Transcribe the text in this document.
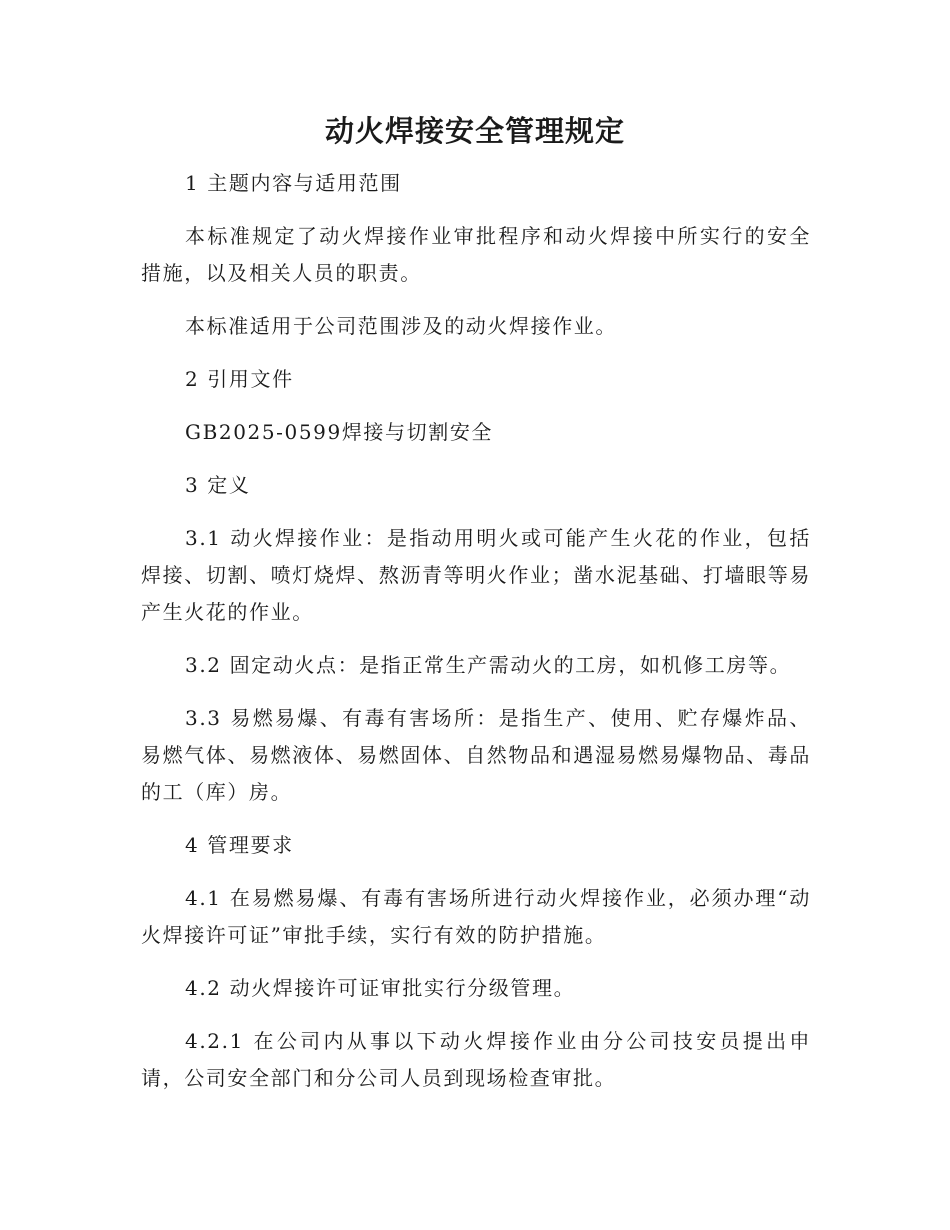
动火焊接安全管理规定

1 主题内容与适用范围

本标准规定了动火焊接作业审批程序和动火焊接中所实行的安全措施，以及相关人员的职责。

本标准适用于公司范围涉及的动火焊接作业。

2 引用文件

GB2025-0599焊接与切割安全

3 定义

3.1 动火焊接作业：是指动用明火或可能产生火花的作业，包括焊接、切割、喷灯烧焊、熬沥青等明火作业；凿水泥基础、打墙眼等易产生火花的作业。

3.2 固定动火点：是指正常生产需动火的工房，如机修工房等。

3.3 易燃易爆、有毒有害场所：是指生产、使用、贮存爆炸品、易燃气体、易燃液体、易燃固体、自然物品和遇湿易燃易爆物品、毒品的工（库）房。

4 管理要求

4.1 在易燃易爆、有毒有害场所进行动火焊接作业，必须办理“动火焊接许可证”审批手续，实行有效的防护措施。

4.2 动火焊接许可证审批实行分级管理。

4.2.1 在公司内从事以下动火焊接作业由分公司技安员提出申请，公司安全部门和分公司人员到现场检查审批。
